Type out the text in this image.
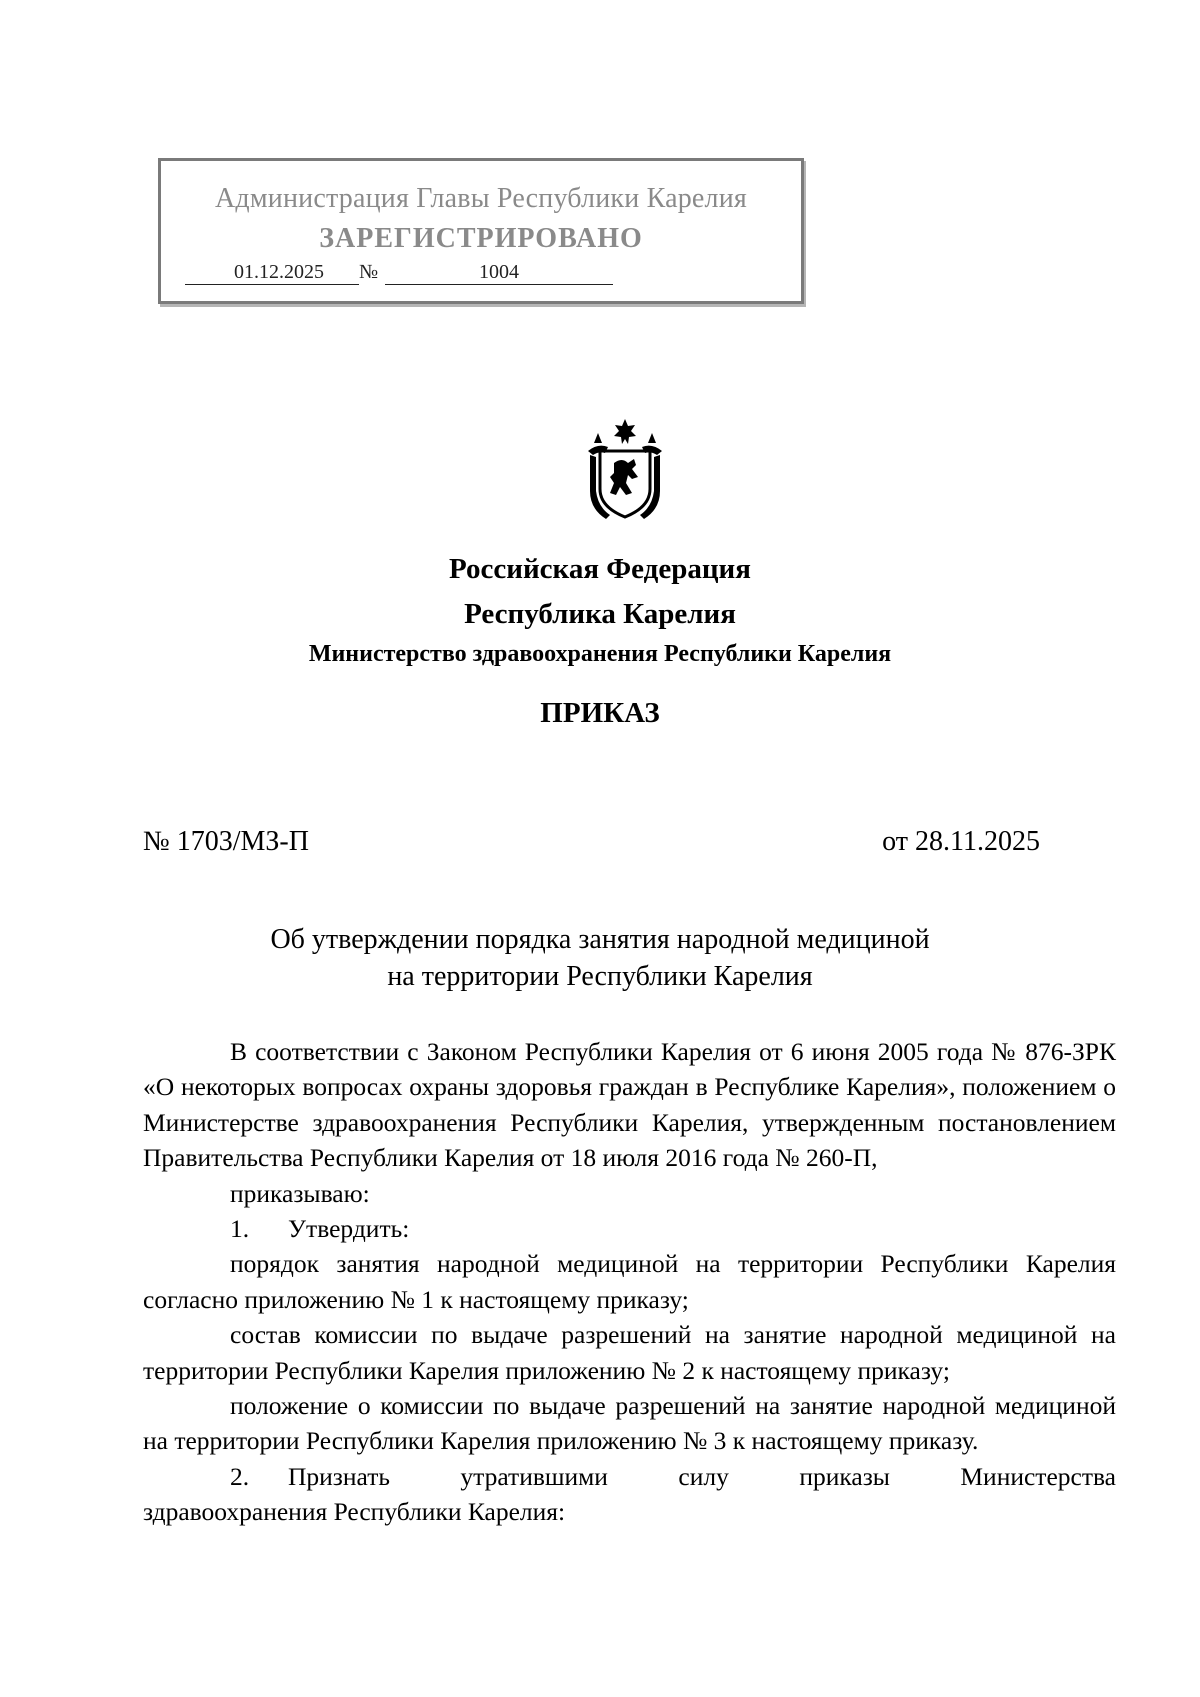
Администрация Главы Республики Карелия
ЗАРЕГИСТРИРОВАНО
01.12.2025	№	1004
Российская Федерация
Республика Карелия
Министерство здравоохранения Республики Карелия
ПРИКАЗ
№ 1703/МЗ-П	от 28.11.2025
Об утверждении порядка занятия народной медициной
на территории Республики Карелия

В соответствии с Законом Республики Карелия от 6 июня 2005 года № 876-ЗРК «О некоторых вопросах охраны здоровья граждан в Республике Карелия», положением о Министерстве здравоохранения Республики Карелия, утвержденным постановлением Правительства Республики Карелия от 18 июля 2016 года № 260-П,

приказываю:

1. Утвердить:

порядок занятия народной медициной на территории Республики Карелия согласно приложению № 1 к настоящему приказу;

состав комиссии по выдаче разрешений на занятие народной медициной на территории Республики Карелия приложению № 2 к настоящему приказу;

положение о комиссии по выдаче разрешений на занятие народной медициной на территории Республики Карелия приложению № 3 к настоящему приказу.

2. Признать утратившими силу приказы Министерства

здравоохранения Республики Карелия:
